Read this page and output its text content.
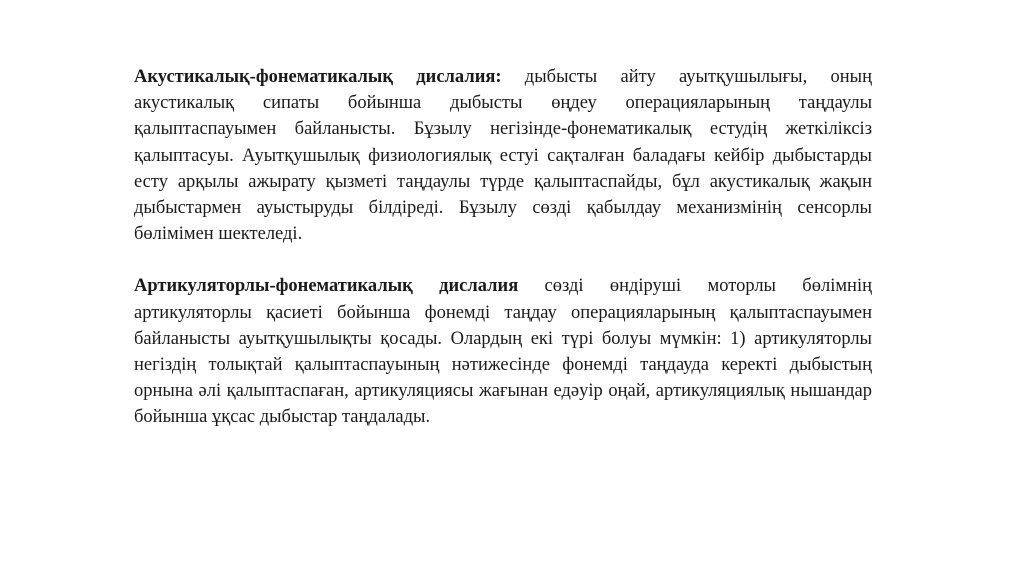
Акустикалық-фонематикалық дислалия: дыбысты айту ауытқушылығы, оның акустикалық сипаты бойынша дыбысты өңдеу операцияларының таңдаулы қалыптаспауымен байланысты. Бұзылу негізінде-фонематикалық естудің жеткіліксіз қалыптасуы. Ауытқушылық физиологиялық естуі сақталған баладағы кейбір дыбыстарды есту арқылы ажырату қызметі таңдаулы түрде қалыптаспайды, бұл акустикалық жақын дыбыстармен ауыстыруды білдіреді. Бұзылу сөзді қабылдау механизмінің сенсорлы бөлімімен шектеледі.

Артикуляторлы-фонематикалық дислалия сөзді өндіруші моторлы бөлімнің артикуляторлы қасиеті бойынша фонемді таңдау операцияларының қалыптаспауымен байланысты ауытқушылықты қосады. Олардың екі түрі болуы мүмкін: 1) артикуляторлы негіздің толықтай қалыптаспауының нәтижесінде фонемді таңдауда керекті дыбыстың орнына әлі қалыптаспаған, артикуляциясы жағынан едәуір оңай, артикуляциялық нышандар бойынша ұқсас дыбыстар таңдалады.
